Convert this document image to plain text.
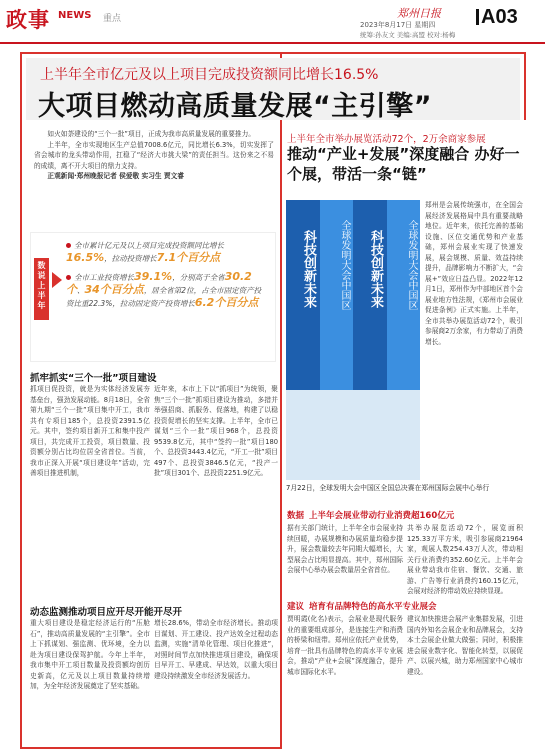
政事 NEWS 重点	郑州日报
2023年8月17日 星期四
统筹:孙友文 美编:高盟 校对:杨梅
A03
上半年全市亿元及以上项目完成投资额同比增长16.5%
大项目燃动高质量发展“主引擎”

如火如荼建设的“三个一批”项目，正成为我市高质量发展的重要推力。

上半年，全市实现地区生产总值7008.6亿元，同比增长6.3%，切实发挥了省会城市的龙头带动作用，扛稳了“经济大市挑大梁”的责任担当。这份来之不易的成绩，离不开大项目的鼎力支持。

正观新闻·郑州晚报记者 侯爱敬 实习生 贾文睿

数说上半年
全市累计亿元及以上项目完成投资额同比增长 16.5%，拉动投资增长7.1个百分点
全市工业投资增长39.1%，分别高于全省30.2个、34个百分点，居全省第2位，占全市固定资产投资比重22.3%，拉动固定资产投资增长6.2个百分点
抓牢抓实“三个一批”项目建设
抓项目促投资，就是为实体经济发展夯基垒台，强劲发展动能。8月18日，全省第九期“三个一批”项目集中开工，我市共有专项目185个，总投资2391.5亿元。其中，签约项目新开工和集中投产项目，共完成开工投资，项目数量、投资额分别占比均位居全省首位。当前，我市正深入开展“项目建设年”活动，完善项目推进机制，
近年来，本市上下以“抓项目”为统领，聚焦“三个一批”抓项目建设为推动，多措并举强招商、抓服务、促落地，构建了以稳投资促增长的坚实支撑。上半年，全市已谋划“三个一批”项目968个，总投资9539.8亿元，其中“签约一批”项目180个、总投资3443.4亿元，“开工一批”项目497个、总投资3846.5亿元，“投产一批”项目301个、总投资2251.9亿元。
动态监测推动项目应开尽开能开尽开
重大项目建设是稳定经济运行的“压舱石”，推动高质量发展的“主引擎”。全市上下抓谋划、强监测、优环境，全力以赴为项目建设保驾护航。今年上半年，我市集中开工项目数量及投资额均创历史新高，亿元及以上项目数量持续增加，为全年经济发展奠定了坚实基础。
增长28.6%，带动全市经济增长。推动项目谋划、开工建设、投产达效全过程动态监测，实施“清单化管理、项目化推进”，对照时间节点加快推进项目建设，确保项目早开工、早建成、早达效，以重大项目建设持续激发全市经济发展活力。
上半年全市举办展览活动72个，2万余商家参展
推动“产业+发展”深度融合 办好一个展，带活一条“链”
科技创新未来	全球发明大会中国区	科技创新未来	全球发明大会中国区
郑州是会展传统强市，在全国会展经济发展格局中具有重要战略地位。近年来，依托完善的基础设施、区位交通优势和产业基础，郑州会展业实现了快速发展，展会规模、质量、效益持续提升，品牌影响力不断扩大，“会展+”效应日益凸显。2022年12月1日，郑州作为中部地区首个会展业地方性法规，《郑州市会展业促进条例》正式实施。上半年，全市共举办展览活动72个，吸引参展商2万余家，有力带动了消费增长。
7月22日，全球发明大会中国区全国总决赛在郑州国际会展中心举行
数据 上半年会展业带动行业消费超160亿元
据有关部门统计，上半年全市会展业持续回暖，办展规模和办展质量均稳步提升，展会数量较去年同期大幅增长，大型展会占比明显提高。其中，郑州国际会展中心举办展会数量居全省首位。
共举办展览活动72个，展览面积125.33万平方米，吸引参展商21964家，观展人数254.43万人次，带动相关行业消费约352.60亿元。上半年会展业带动我市住宿、餐饮、交通、旅游、广告等行业消费约160.15亿元，会展对经济的带动效应持续显现。
建议 培育有品牌特色的高水平专业展会
贾明霞(化名)表示，会展业是现代服务业的重要组成部分，是连接生产和消费的桥梁和纽带。郑州应依托产业优势，培育一批具有品牌特色的高水平专业展会，推动“产业+会展”深度融合，提升城市国际化水平。
建议加快推进会展产业集群发展，引进国内外知名会展企业和品牌展会，支持本土会展企业做大做强；同时，积极推进会展业数字化、智能化转型，以展促产、以展兴城，助力郑州国家中心城市建设。
